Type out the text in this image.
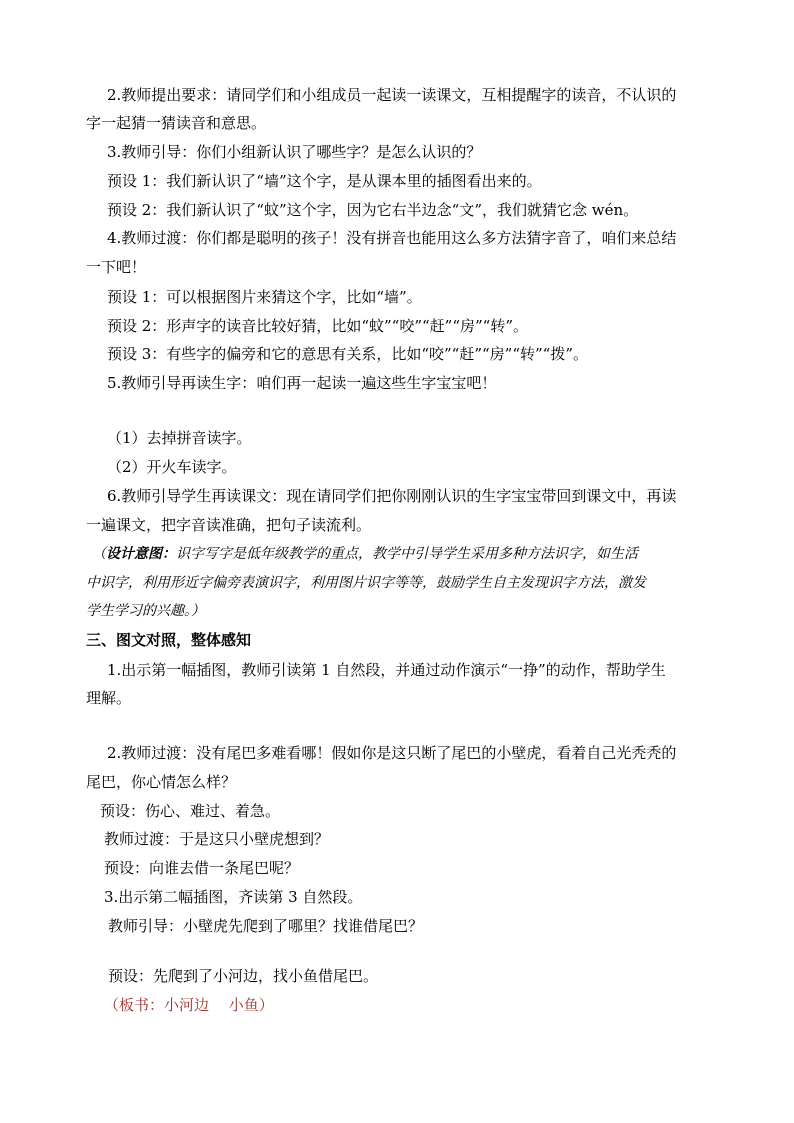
2.教师提出要求：请同学们和小组成员一起读一读课文，互相提醒字的读音，不认识的
字一起猜一猜读音和意思。
3.教师引导：你们小组新认识了哪些字？是怎么认识的？
预设 1：我们新认识了“墙”这个字，是从课本里的插图看出来的。
预设 2：我们新认识了“蚊”这个字，因为它右半边念“文”，我们就猜它念 wén。
4.教师过渡：你们都是聪明的孩子！没有拼音也能用这么多方法猜字音了，咱们来总结
一下吧！
预设 1：可以根据图片来猜这个字，比如“墙”。
预设 2：形声字的读音比较好猜，比如“蚊”“咬”“赶”“房”“转”。
预设 3：有些字的偏旁和它的意思有关系，比如“咬”“赶”“房”“转”“拨”。
5.教师引导再读生字：咱们再一起读一遍这些生字宝宝吧！
（1）去掉拼音读字。
（2）开火车读字。
6.教师引导学生再读课文：现在请同学们把你刚刚认识的生字宝宝带回到课文中，再读
一遍课文，把字音读准确，把句子读流利。
（设计意图：识字写字是低年级教学的重点，教学中引导学生采用多种方法识字，如生活
中识字，利用形近字偏旁表演识字，利用图片识字等等，鼓励学生自主发现识字方法，激发
学生学习的兴趣。）
三、图文对照，整体感知
1.出示第一幅插图，教师引读第 1 自然段，并通过动作演示“一挣”的动作，帮助学生
理解。
2.教师过渡：没有尾巴多难看哪！假如你是这只断了尾巴的小壁虎，看着自己光秃秃的
尾巴，你心情怎么样？
预设：伤心、难过、着急。
教师过渡：于是这只小壁虎想到？
预设：向谁去借一条尾巴呢？
3.出示第二幅插图，齐读第 3 自然段。
教师引导：小壁虎先爬到了哪里？找谁借尾巴？
预设：先爬到了小河边，找小鱼借尾巴。
（板书：小河边　 小鱼）
